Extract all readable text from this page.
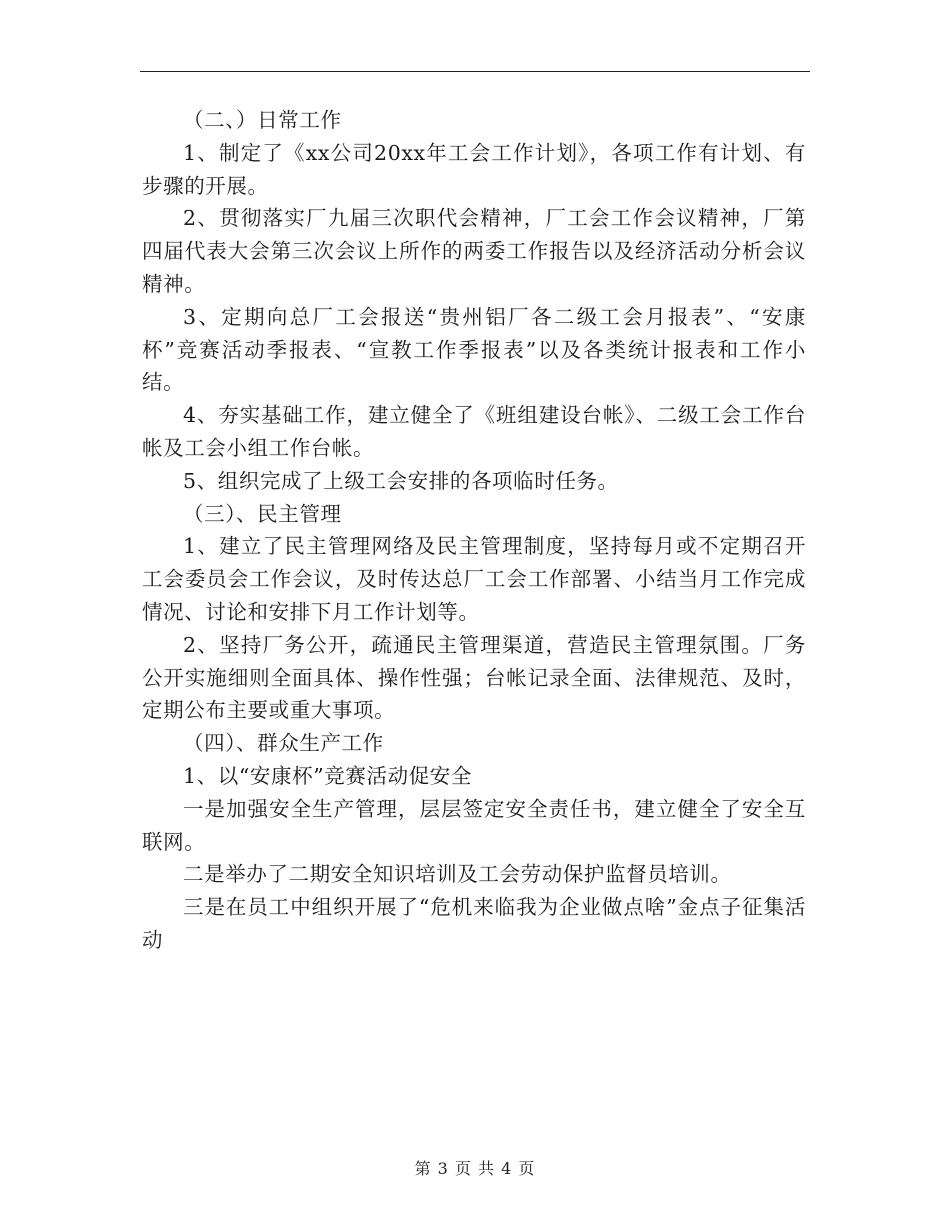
（二、）日常工作

1、制定了《xx公司20xx年工会工作计划》，各项工作有计划、有步骤的开展。

2、贯彻落实厂九届三次职代会精神，厂工会工作会议精神，厂第四届代表大会第三次会议上所作的两委工作报告以及经济活动分析会议精神。

3、定期向总厂工会报送“贵州铝厂各二级工会月报表”、“安康杯”竞赛活动季报表、“宣教工作季报表”以及各类统计报表和工作小结。

4、夯实基础工作，建立健全了《班组建设台帐》、二级工会工作台帐及工会小组工作台帐。

5、组织完成了上级工会安排的各项临时任务。

（三）、民主管理

1、建立了民主管理网络及民主管理制度，坚持每月或不定期召开工会委员会工作会议，及时传达总厂工会工作部署、小结当月工作完成情况、讨论和安排下月工作计划等。

2、坚持厂务公开，疏通民主管理渠道，营造民主管理氛围。厂务公开实施细则全面具体、操作性强；台帐记录全面、法律规范、及时，定期公布主要或重大事项。

（四）、群众生产工作

1、以“安康杯”竞赛活动促安全

一是加强安全生产管理，层层签定安全责任书，建立健全了安全互联网。

二是举办了二期安全知识培训及工会劳动保护监督员培训。

三是在员工中组织开展了“危机来临我为企业做点啥”金点子征集活动

第 3 页 共 4 页
